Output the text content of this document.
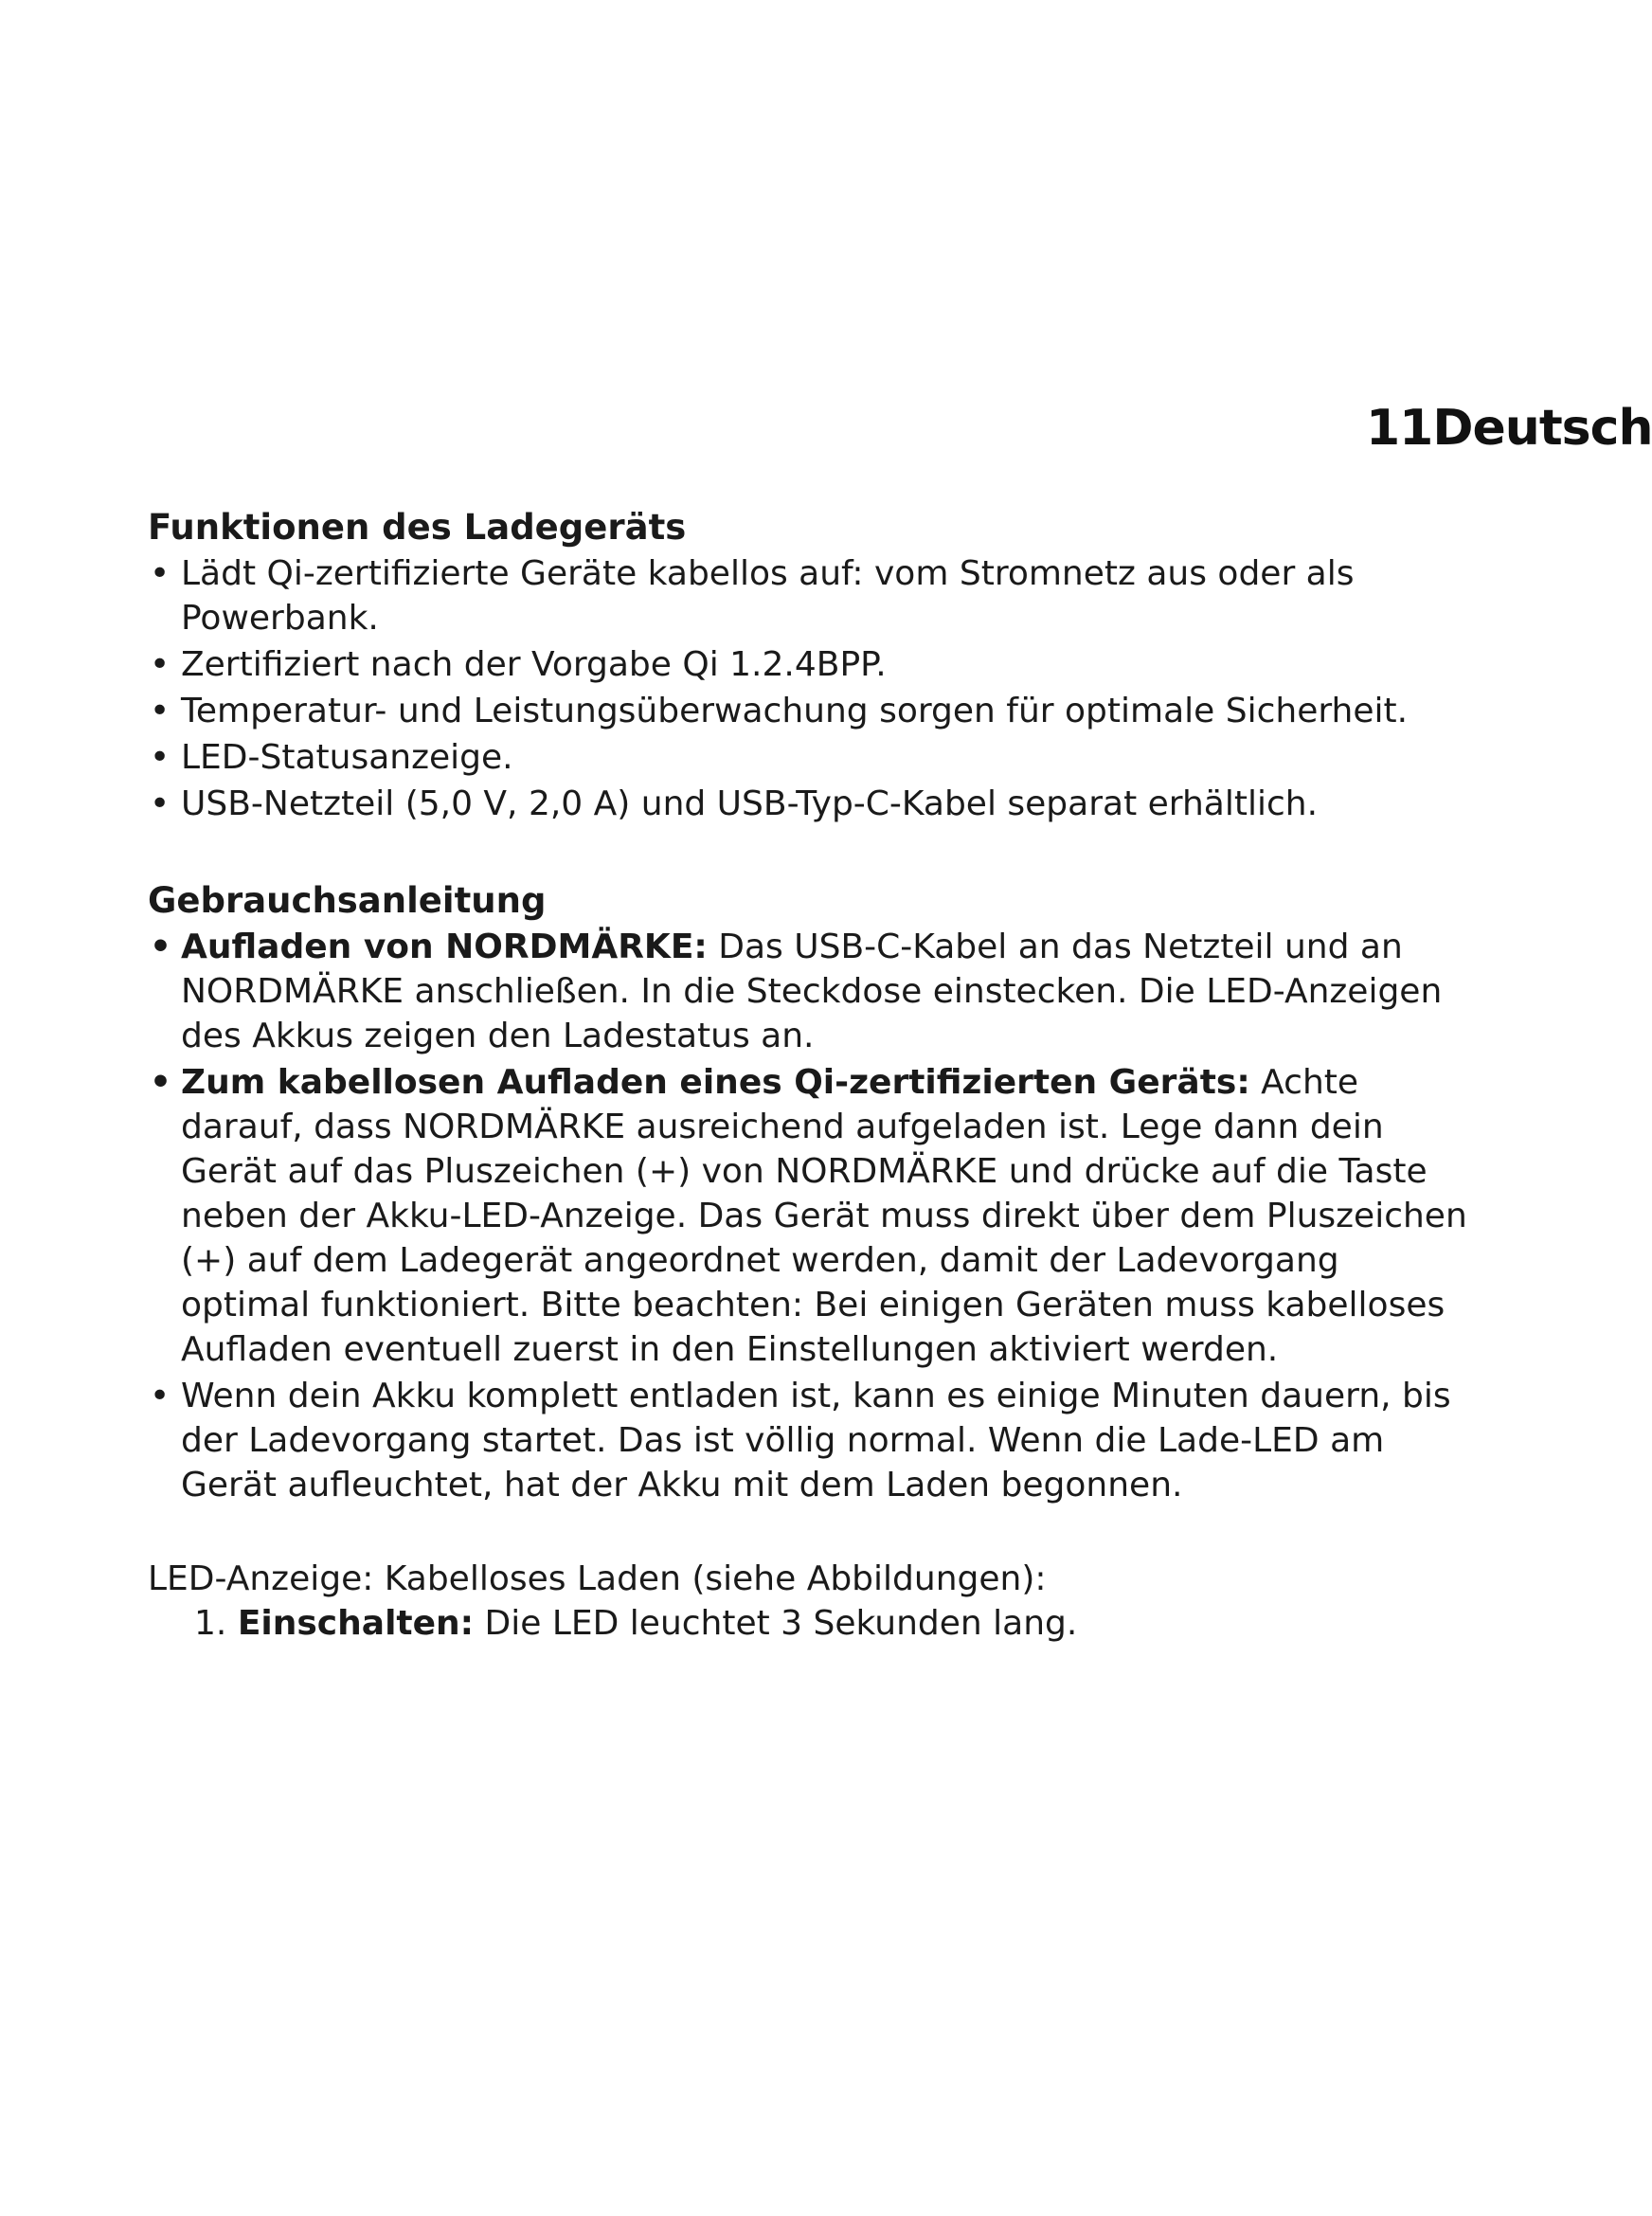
11Deutsch
Funktionen des Ladegeräts
• Lädt Qi-zertifizierte Geräte kabellos auf: vom Stromnetz aus oder als Powerbank.
• Zertifiziert nach der Vorgabe Qi 1.2.4BPP.
• Temperatur- und Leistungsüberwachung sorgen für optimale Sicherheit.
• LED-Statusanzeige.
• USB-Netzteil (5,0 V, 2,0 A) und USB-Typ-C-Kabel separat erhältlich.
Gebrauchsanleitung
• Aufladen von NORDMÄRKE: Das USB-C-Kabel an das Netzteil und an NORDMÄRKE anschließen. In die Steckdose einstecken. Die LED-Anzeigen des Akkus zeigen den Ladestatus an.
• Zum kabellosen Aufladen eines Qi-zertifizierten Geräts: Achte darauf, dass NORDMÄRKE ausreichend aufgeladen ist. Lege dann dein Gerät auf das Pluszeichen (+) von NORDMÄRKE und drücke auf die Taste neben der Akku-LED-Anzeige. Das Gerät muss direkt über dem Pluszeichen (+) auf dem Ladegerät angeordnet werden, damit der Ladevorgang optimal funktioniert. Bitte beachten: Bei einigen Geräten muss kabelloses Aufladen eventuell zuerst in den Einstellungen aktiviert werden.
• Wenn dein Akku komplett entladen ist, kann es einige Minuten dauern, bis der Ladevorgang startet. Das ist völlig normal. Wenn die Lade-LED am Gerät aufleuchtet, hat der Akku mit dem Laden begonnen.

LED-Anzeige: Kabelloses Laden (siehe Abbildungen):

1. Einschalten: Die LED leuchtet 3 Sekunden lang.
